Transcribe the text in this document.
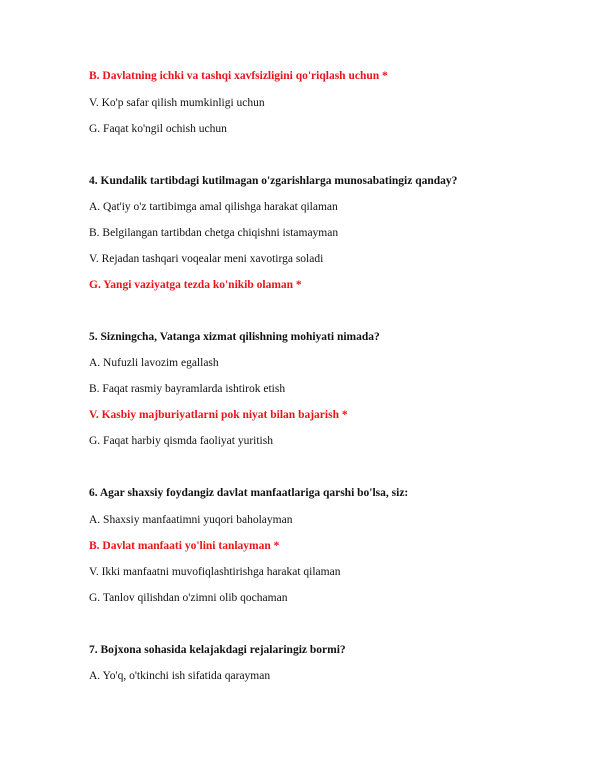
B. Davlatning ichki va tashqi xavfsizligini qo'riqlash uchun *
V. Ko'p safar qilish mumkinligi uchun
G. Faqat ko'ngil ochish uchun
4. Kundalik tartibdagi kutilmagan o'zgarishlarga munosabatingiz qanday?
A. Qat'iy o'z tartibimga amal qilishga harakat qilaman
B. Belgilangan tartibdan chetga chiqishni istamayman
V. Rejadan tashqari voqealar meni xavotirga soladi
G. Yangi vaziyatga tezda ko'nikib olaman *
5. Sizningcha, Vatanga xizmat qilishning mohiyati nimada?
A. Nufuzli lavozim egallash
B. Faqat rasmiy bayramlarda ishtirok etish
V. Kasbiy majburiyatlarni pok niyat bilan bajarish *
G. Faqat harbiy qismda faoliyat yuritish
6. Agar shaxsiy foydangiz davlat manfaatlariga qarshi bo'lsa, siz:
A. Shaxsiy manfaatimni yuqori baholayman
B. Davlat manfaati yo'lini tanlayman *
V. Ikki manfaatni muvofiqlashtirishga harakat qilaman
G. Tanlov qilishdan o'zimni olib qochaman
7. Bojxona sohasida kelajakdagi rejalaringiz bormi?
A. Yo'q, o'tkinchi ish sifatida qarayman
